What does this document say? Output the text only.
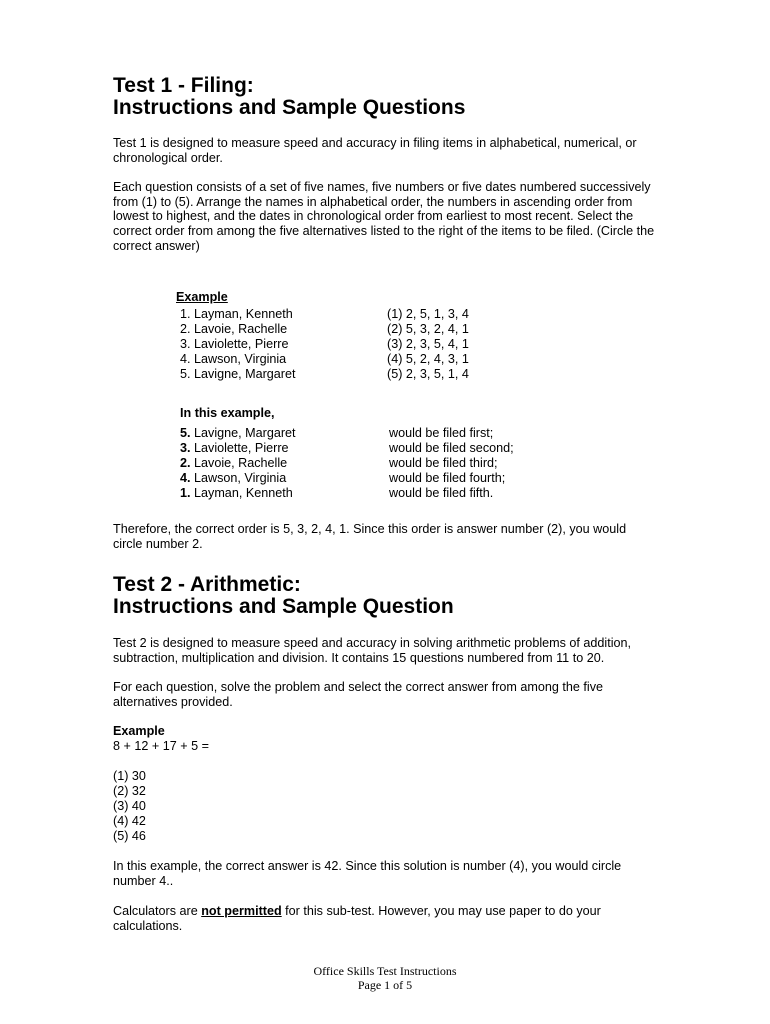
Test 1 - Filing:
Instructions and Sample Questions
Test 1 is designed to measure speed and accuracy in filing items in alphabetical, numerical, or chronological order.
Each question consists of a set of five names, five numbers or five dates numbered successively from (1) to (5). Arrange the names in alphabetical order, the numbers in ascending order from lowest to highest, and the dates in chronological order from earliest to most recent. Select the correct order from among the five alternatives listed to the right of the items to be filed. (Circle the correct answer)
Example
1. Layman, Kenneth
2. Lavoie, Rachelle
3. Laviolette, Pierre
4. Lawson, Virginia
5. Lavigne, Margaret
(1) 2, 5, 1, 3, 4
(2) 5, 3, 2, 4, 1
(3) 2, 3, 5, 4, 1
(4) 5, 2, 4, 3, 1
(5) 2, 3, 5, 1, 4
In this example,
5. Lavigne, Margaret
3. Laviolette, Pierre
2. Lavoie, Rachelle
4. Lawson, Virginia
1. Layman, Kenneth
would be filed first;
would be filed second;
would be filed third;
would be filed fourth;
would be filed fifth.
Therefore, the correct order is 5, 3, 2, 4, 1. Since this order is answer number (2), you would circle number 2.
Test 2 - Arithmetic:
Instructions and Sample Question
Test 2 is designed to measure speed and accuracy in solving arithmetic problems of addition, subtraction, multiplication and division. It contains 15 questions numbered from 11 to 20.
For each question, solve the problem and select the correct answer from among the five alternatives provided.
Example
8 + 12 + 17 + 5 =
(1) 30
(2) 32
(3) 40
(4) 42
(5) 46
In this example, the correct answer is 42. Since this solution is number (4), you would circle number 4..
Calculators are not permitted for this sub-test. However, you may use paper to do your calculations.
Office Skills Test Instructions
Page 1 of 5
